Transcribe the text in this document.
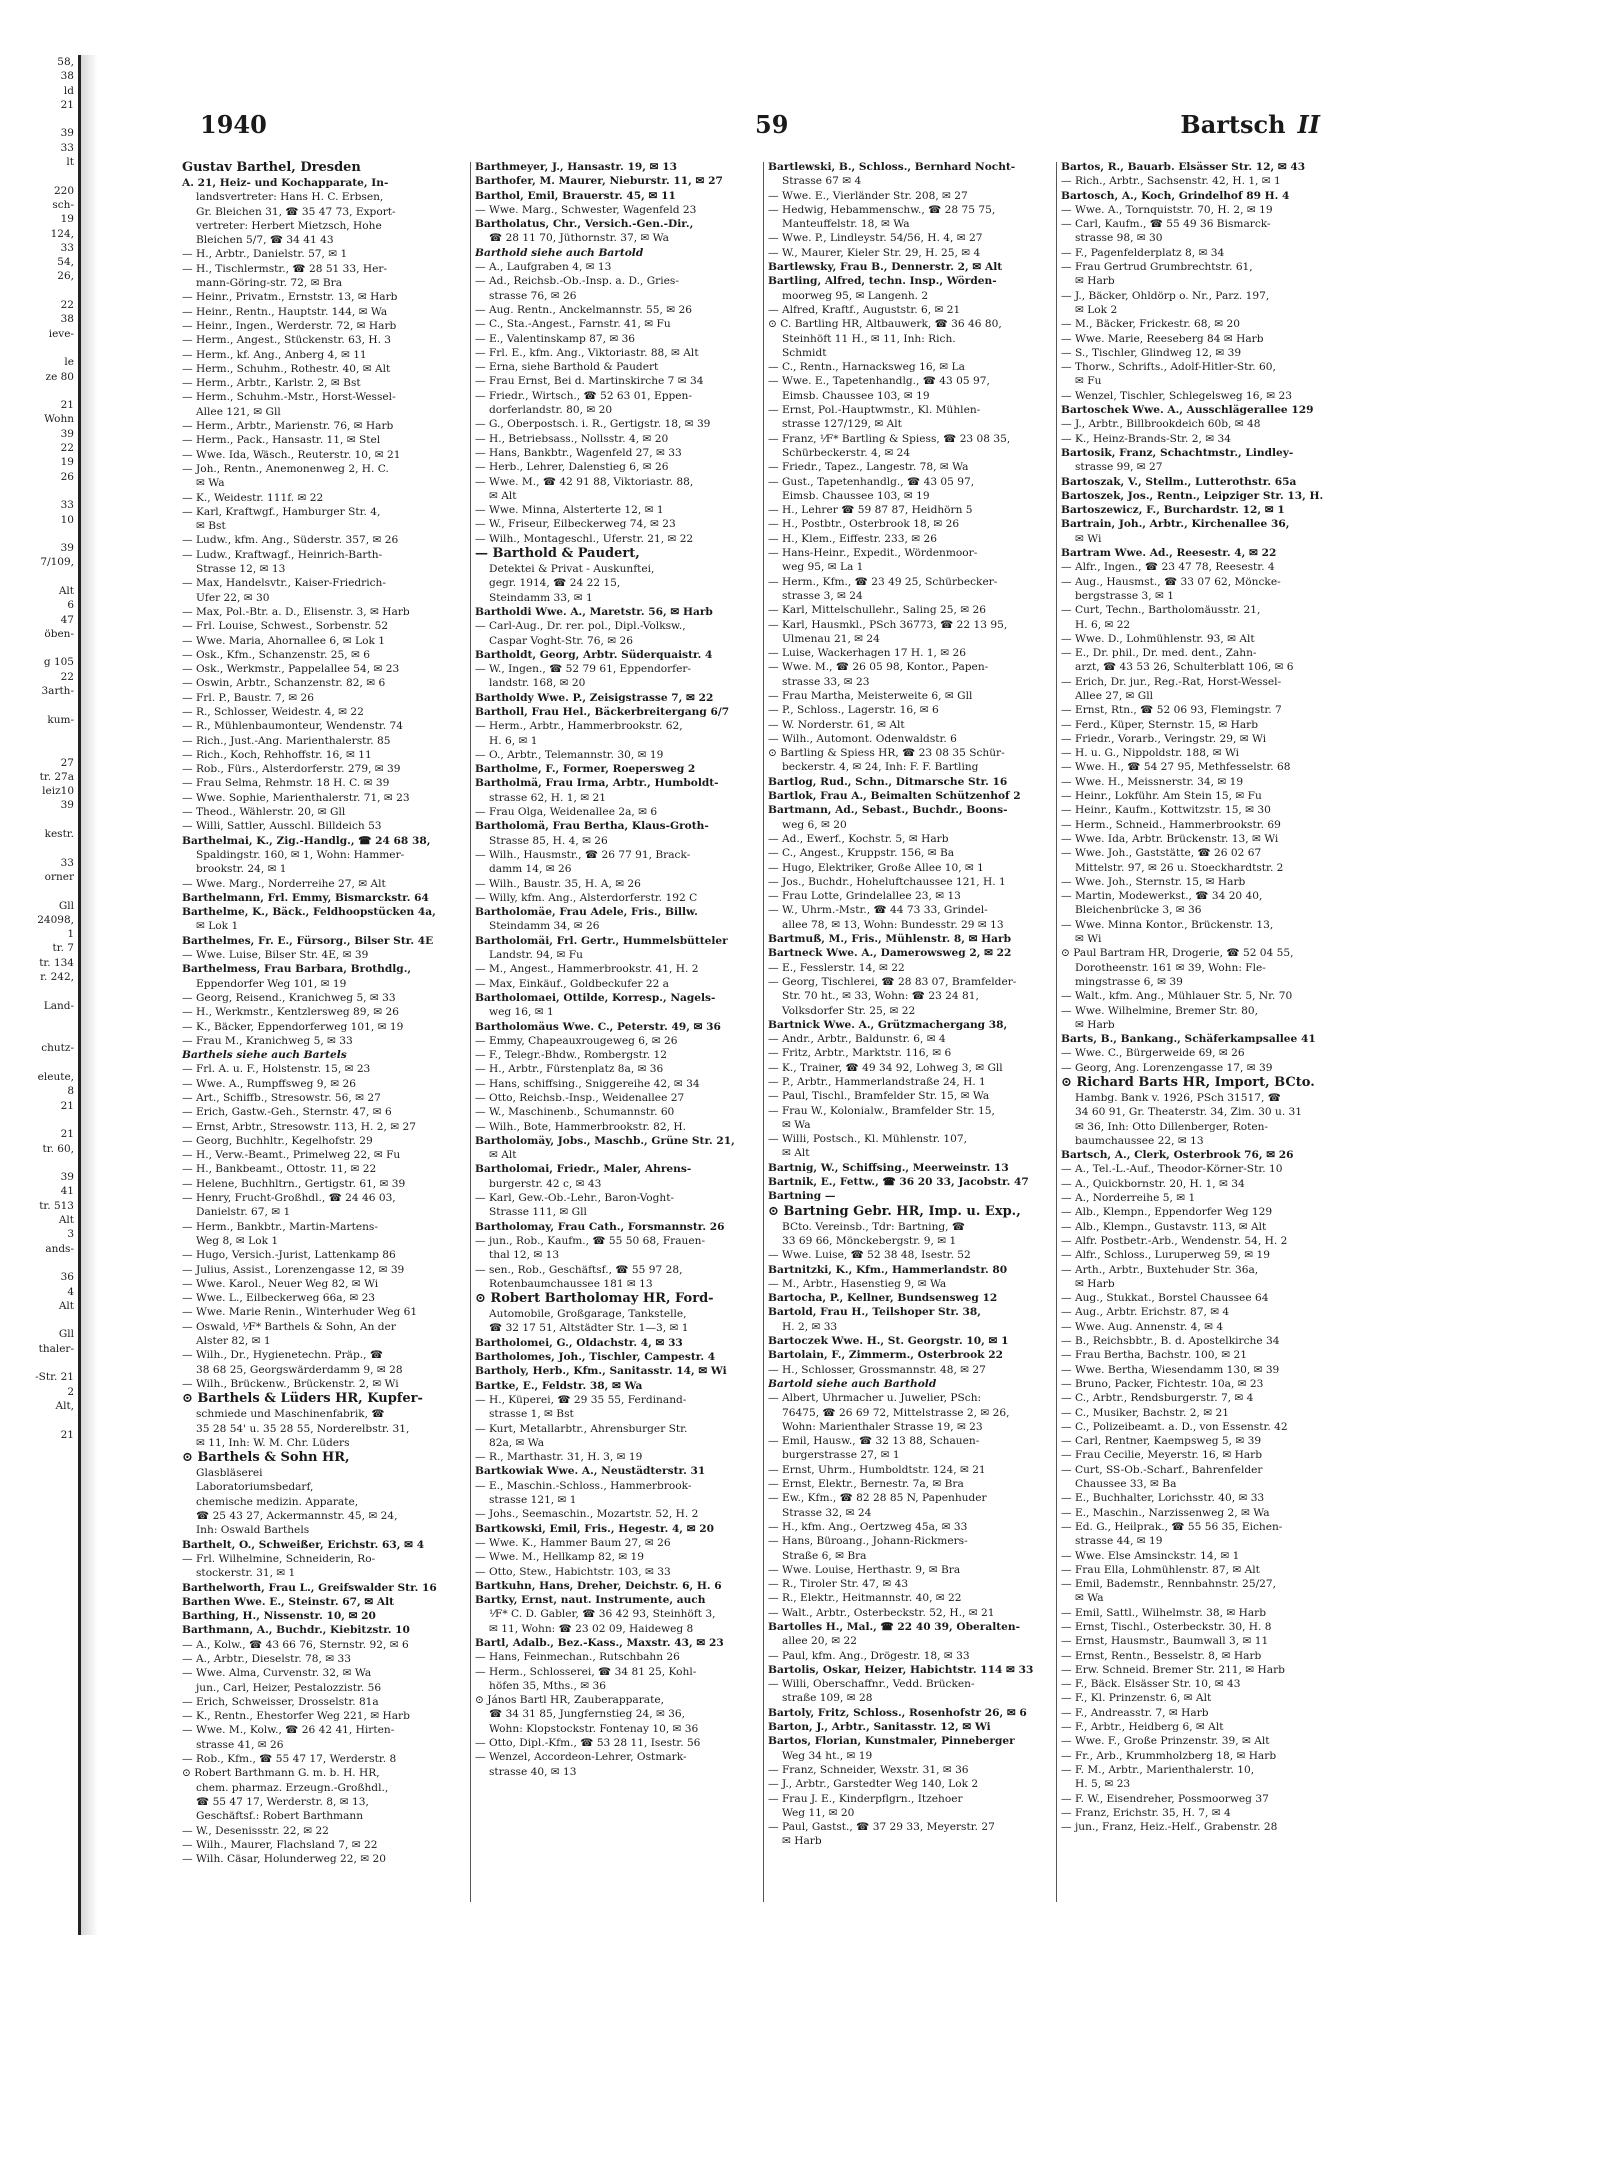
58,
38
ld
21
39
33
lt
220
sch-
19
124,
33
54,
26,
22
38
ieve-
le
ze 80
21
Wohn
39
22
19
26
33
10
39
7/109,
Alt
6
47
öben-
g 105
22
3arth-
kum-
27
tr. 27a
leiz10
39
kestr.
33
orner
Gll
24098,
1
tr. 7
tr. 134
r. 242,
Land-
chutz-
eleute,
8
21
21
tr. 60,
39
41
tr. 513
Alt
3
ands-
36
4
Alt
Gll
thaler-
-Str. 21
2
Alt,
21
1940	59	Bartsch II
Gustav Barthel, Dresden
A. 21, Heiz- und Kochapparate, In-
landsvertreter: Hans H. C. Erbsen,
Gr. Bleichen 31, ☎ 35 47 73, Export-
vertreter: Herbert Mietzsch, Hohe
Bleichen 5/7, ☎ 34 41 43
— H., Arbtr., Danielstr. 57, ✉ 1
— H., Tischlermstr., ☎ 28 51 33, Her-
mann-Göring-str. 72, ✉ Bra
— Heinr., Privatm., Ernststr. 13, ✉ Harb
— Heinr., Rentn., Hauptstr. 144, ✉ Wa
— Heinr., Ingen., Werderstr. 72, ✉ Harb
— Herm., Angest., Stückenstr. 63, H. 3
— Herm., kf. Ang., Anberg 4, ✉ 11
— Herm., Schuhm., Rothestr. 40, ✉ Alt
— Herm., Arbtr., Karlstr. 2, ✉ Bst
— Herm., Schuhm.-Mstr., Horst-Wessel-
Allee 121, ✉ Gll
— Herm., Arbtr., Marienstr. 76, ✉ Harb
— Herm., Pack., Hansastr. 11, ✉ Stel
— Wwe. Ida, Wäsch., Reuterstr. 10, ✉ 21
— Joh., Rentn., Anemonenweg 2, H. C.
✉ Wa
— K., Weidestr. 111f. ✉ 22
— Karl, Kraftwgf., Hamburger Str. 4,
✉ Bst
— Ludw., kfm. Ang., Süderstr. 357, ✉ 26
— Ludw., Kraftwagf., Heinrich-Barth-
Strasse 12, ✉ 13
— Max, Handelsvtr., Kaiser-Friedrich-
Ufer 22, ✉ 30
— Max, Pol.-Btr. a. D., Elisenstr. 3, ✉ Harb
— Frl. Louise, Schwest., Sorbenstr. 52
— Wwe. Maria, Ahornallee 6, ✉ Lok 1
— Osk., Kfm., Schanzenstr. 25, ✉ 6
— Osk., Werkmstr., Pappelallee 54, ✉ 23
— Oswin, Arbtr., Schanzenstr. 82, ✉ 6
— Frl. P., Baustr. 7, ✉ 26
— R., Schlosser, Weidestr. 4, ✉ 22
— R., Mühlenbaumonteur, Wendenstr. 74
— Rich., Just.-Ang. Marienthalerstr. 85
— Rich., Koch, Rehhoffstr. 16, ✉ 11
— Rob., Fürs., Alsterdorferstr. 279, ✉ 39
— Frau Selma, Rehmstr. 18 H. C. ✉ 39
— Wwe. Sophie, Marienthalerstr. 71, ✉ 23
— Theod., Wählerstr. 20, ✉ Gll
— Willi, Sattler, Ausschl. Billdeich 53
Barthelmai, K., Zig.-Handlg., ☎ 24 68 38,
Spaldingstr. 160, ✉ 1, Wohn: Hammer-
brookstr. 24, ✉ 1
— Wwe. Marg., Norderreihe 27, ✉ Alt
Barthelmann, Frl. Emmy, Bismarckstr. 64
Barthelme, K., Bäck., Feldhoopstücken 4a,
✉ Lok 1
Barthelmes, Fr. E., Fürsorg., Bilser Str. 4E
— Wwe. Luise, Bilser Str. 4E, ✉ 39
Barthelmess, Frau Barbara, Brothdlg.,
Eppendorfer Weg 101, ✉ 19
— Georg, Reisend., Kranichweg 5, ✉ 33
— H., Werkmstr., Kentzlersweg 89, ✉ 26
— K., Bäcker, Eppendorferweg 101, ✉ 19
— Frau M., Kranichweg 5, ✉ 33
Barthels siehe auch Bartels
— Frl. A. u. F., Holstenstr. 15, ✉ 23
— Wwe. A., Rumpffsweg 9, ✉ 26
— Art., Schiffb., Stresowstr. 56, ✉ 27
— Erich, Gastw.-Geh., Sternstr. 47, ✉ 6
— Ernst, Arbtr., Stresowstr. 113, H. 2, ✉ 27
— Georg, Buchhltr., Kegelhofstr. 29
— H., Verw.-Beamt., Primelweg 22, ✉ Fu
— H., Bankbeamt., Ottostr. 11, ✉ 22
— Helene, Buchhltrn., Gertigstr. 61, ✉ 39
— Henry, Frucht-Großhdl., ☎ 24 46 03,
Danielstr. 67, ✉ 1
— Herm., Bankbtr., Martin-Martens-
Weg 8, ✉ Lok 1
— Hugo, Versich.-Jurist, Lattenkamp 86
— Julius, Assist., Lorenzengasse 12, ✉ 39
— Wwe. Karol., Neuer Weg 82, ✉ Wi
— Wwe. L., Eilbeckerweg 66a, ✉ 23
— Wwe. Marie Renin., Winterhuder Weg 61
— Oswald, ⅟F* Barthels & Sohn, An der
Alster 82, ✉ 1
— Wilh., Dr., Hygienetechn. Präp., ☎
38 68 25, Georgswärderdamm 9, ✉ 28
— Wilh., Brückenw., Brückenstr. 2, ✉ Wi
⊙ Barthels & Lüders HR, Kupfer-
schmiede und Maschinenfabrik, ☎
35 28 54' u. 35 28 55, Norderelbstr. 31,
✉ 11, Inh: W. M. Chr. Lüders
⊙ Barthels & Sohn HR,
Glasbläserei
Laboratoriumsbedarf,
chemische medizin. Apparate,
☎ 25 43 27, Ackermannstr. 45, ✉ 24,
Inh: Oswald Barthels
Barthelt, O., Schweißer, Erichstr. 63, ✉ 4
— Frl. Wilhelmine, Schneiderin, Ro-
stockerstr. 31, ✉ 1
Barthelworth, Frau L., Greifswalder Str. 16
Barthen Wwe. E., Steinstr. 67, ✉ Alt
Barthing, H., Nissenstr. 10, ✉ 20
Barthmann, A., Buchdr., Kiebitzstr. 10
— A., Kolw., ☎ 43 66 76, Sternstr. 92, ✉ 6
— A., Arbtr., Dieselstr. 78, ✉ 33
— Wwe. Alma, Curvenstr. 32, ✉ Wa
jun., Carl, Heizer, Pestalozzistr. 56
— Erich, Schweisser, Drosselstr. 81a
— K., Rentn., Ehestorfer Weg 221, ✉ Harb
— Wwe. M., Kolw., ☎ 26 42 41, Hirten-
strasse 41, ✉ 26
— Rob., Kfm., ☎ 55 47 17, Werderstr. 8
⊙ Robert Barthmann G. m. b. H. HR,
chem. pharmaz. Erzeugn.-Großhdl.,
☎ 55 47 17, Werderstr. 8, ✉ 13,
Geschäftsf.: Robert Barthmann
— W., Desenissstr. 22, ✉ 22
— Wilh., Maurer, Flachsland 7, ✉ 22
— Wilh. Cäsar, Holunderweg 22, ✉ 20
Barthmeyer, J., Hansastr. 19, ✉ 13
Barthofer, M. Maurer, Nieburstr. 11, ✉ 27
Barthol, Emil, Brauerstr. 45, ✉ 11
— Wwe. Marg., Schwester, Wagenfeld 23
Bartholatus, Chr., Versich.-Gen.-Dir.,
☎ 28 11 70, Jüthornstr. 37, ✉ Wa
Barthold siehe auch Bartold
— A., Laufgraben 4, ✉ 13
— Ad., Reichsb.-Ob.-Insp. a. D., Gries-
strasse 76, ✉ 26
— Aug. Rentn., Anckelmannstr. 55, ✉ 26
— C., Sta.-Angest., Farnstr. 41, ✉ Fu
— E., Valentinskamp 87, ✉ 36
— Frl. E., kfm. Ang., Viktoriastr. 88, ✉ Alt
— Erna, siehe Barthold & Paudert
— Frau Ernst, Bei d. Martinskirche 7 ✉ 34
— Friedr., Wirtsch., ☎ 52 63 01, Eppen-
dorferlandstr. 80, ✉ 20
— G., Oberpostsch. i. R., Gertigstr. 18, ✉ 39
— H., Betriebsass., Nollsstr. 4, ✉ 20
— Hans, Bankbtr., Wagenfeld 27, ✉ 33
— Herb., Lehrer, Dalenstieg 6, ✉ 26
— Wwe. M., ☎ 42 91 88, Viktoriastr. 88,
✉ Alt
— Wwe. Minna, Alsterterte 12, ✉ 1
— W., Friseur, Eilbeckerweg 74, ✉ 23
— Wilh., Montageschl., Uferstr. 21, ✉ 22
— Barthold & Paudert,
Detektei & Privat - Auskunftei,
gegr. 1914, ☎ 24 22 15,
Steindamm 33, ✉ 1
Bartholdi Wwe. A., Maretstr. 56, ✉ Harb
— Carl-Aug., Dr. rer. pol., Dipl.-Volksw.,
Caspar Voght-Str. 76, ✉ 26
Bartholdt, Georg, Arbtr. Süderquaistr. 4
— W., Ingen., ☎ 52 79 61, Eppendorfer-
landstr. 168, ✉ 20
Bartholdy Wwe. P., Zeisigstrasse 7, ✉ 22
Bartholl, Frau Hel., Bäckerbreitergang 6/7
— Herm., Arbtr., Hammerbrookstr. 62,
H. 6, ✉ 1
— O., Arbtr., Telemannstr. 30, ✉ 19
Bartholme, F., Former, Roepersweg 2
Bartholmä, Frau Irma, Arbtr., Humboldt-
strasse 62, H. 1, ✉ 21
— Frau Olga, Weidenallee 2a, ✉ 6
Bartholomä, Frau Bertha, Klaus-Groth-
Strasse 85, H. 4, ✉ 26
— Wilh., Hausmstr., ☎ 26 77 91, Brack-
damm 14, ✉ 26
— Wilh., Baustr. 35, H. A, ✉ 26
— Willy, kfm. Ang., Alsterdorferstr. 192 C
Bartholomäe, Frau Adele, Fris., Billw.
Steindamm 34, ✉ 26
Bartholomäi, Frl. Gertr., Hummelsbütteler
Landstr. 94, ✉ Fu
— M., Angest., Hammerbrookstr. 41, H. 2
— Max, Einkäuf., Goldbeckufer 22 a
Bartholomaei, Ottilde, Korresp., Nagels-
weg 16, ✉ 1
Bartholomäus Wwe. C., Peterstr. 49, ✉ 36
— Emmy, Chapeauxrougeweg 6, ✉ 26
— F., Telegr.-Bhdw., Rombergstr. 12
— H., Arbtr., Fürstenplatz 8a, ✉ 36
— Hans, schiffsing., Sniggereihe 42, ✉ 34
— Otto, Reichsb.-Insp., Weidenallee 27
— W., Maschinenb., Schumannstr. 60
— Wilh., Bote, Hammerbrookstr. 82, H.
Bartholomäy, Jobs., Maschb., Grüne Str. 21,
✉ Alt
Bartholomai, Friedr., Maler, Ahrens-
burgerstr. 42 c, ✉ 43
— Karl, Gew.-Ob.-Lehr., Baron-Voght-
Strasse 111, ✉ Gll
Bartholomay, Frau Cath., Forsmannstr. 26
— jun., Rob., Kaufm., ☎ 55 50 68, Frauen-
thal 12, ✉ 13
— sen., Rob., Geschäftsf., ☎ 55 97 28,
Rotenbaumchaussee 181 ✉ 13
⊙ Robert Bartholomay HR, Ford-
Automobile, Großgarage, Tankstelle,
☎ 32 17 51, Altstädter Str. 1—3, ✉ 1
Bartholomei, G., Oldachstr. 4, ✉ 33
Bartholomes, Joh., Tischler, Campestr. 4
Bartholy, Herb., Kfm., Sanitasstr. 14, ✉ Wi
Bartke, E., Feldstr. 38, ✉ Wa
— H., Küperei, ☎ 29 35 55, Ferdinand-
strasse 1, ✉ Bst
— Kurt, Metallarbtr., Ahrensburger Str.
82a, ✉ Wa
— R., Marthastr. 31, H. 3, ✉ 19
Bartkowiak Wwe. A., Neustädterstr. 31
— E., Maschin.-Schloss., Hammerbrook-
strasse 121, ✉ 1
— Johs., Seemaschin., Mozartstr. 52, H. 2
Bartkowski, Emil, Fris., Hegestr. 4, ✉ 20
— Wwe. K., Hammer Baum 27, ✉ 26
— Wwe. M., Hellkamp 82, ✉ 19
— Otto, Stew., Habichtstr. 103, ✉ 33
Bartkuhn, Hans, Dreher, Deichstr. 6, H. 6
Bartky, Ernst, naut. Instrumente, auch
⅟F* C. D. Gabler, ☎ 36 42 93, Steinhöft 3,
✉ 11, Wohn: ☎ 23 02 09, Haideweg 8
Bartl, Adalb., Bez.-Kass., Maxstr. 43, ✉ 23
— Hans, Feinmechan., Rutschbahn 26
— Herm., Schlosserei, ☎ 34 81 25, Kohl-
höfen 35, Mths., ✉ 36
⊙ János Bartl HR, Zauberapparate,
☎ 34 31 85, Jungfernstieg 24, ✉ 36,
Wohn: Klopstockstr. Fontenay 10, ✉ 36
— Otto, Dipl.-Kfm., ☎ 53 28 11, Isestr. 56
— Wenzel, Accordeon-Lehrer, Ostmark-
strasse 40, ✉ 13
Bartlewski, B., Schloss., Bernhard Nocht-
Strasse 67 ✉ 4
— Wwe. E., Vierländer Str. 208, ✉ 27
— Hedwig, Hebammenschw., ☎ 28 75 75,
Manteuffelstr. 18, ✉ Wa
— Wwe. P., Lindleystr. 54/56, H. 4, ✉ 27
— W., Maurer, Kieler Str. 29, H. 25, ✉ 4
Bartlewsky, Frau B., Dennerstr. 2, ✉ Alt
Bartling, Alfred, techn. Insp., Wörden-
moorweg 95, ✉ Langenh. 2
— Alfred, Kraftf., Auguststr. 6, ✉ 21
⊙ C. Bartling HR, Altbauwerk, ☎ 36 46 80,
Steinhöft 11 H., ✉ 11, Inh: Rich.
Schmidt
— C., Rentn., Harnacksweg 16, ✉ La
— Wwe. E., Tapetenhandlg., ☎ 43 05 97,
Eimsb. Chaussee 103, ✉ 19
— Ernst, Pol.-Hauptwmstr., Kl. Mühlen-
strasse 127/129, ✉ Alt
— Franz, ⅟F* Bartling & Spiess, ☎ 23 08 35,
Schürbeckerstr. 4, ✉ 24
— Friedr., Tapez., Langestr. 78, ✉ Wa
— Gust., Tapetenhandlg., ☎ 43 05 97,
Eimsb. Chaussee 103, ✉ 19
— H., Lehrer ☎ 59 87 87, Heidhörn 5
— H., Postbtr., Osterbrook 18, ✉ 26
— H., Klem., Eiffestr. 233, ✉ 26
— Hans-Heinr., Expedit., Wördenmoor-
weg 95, ✉ La 1
— Herm., Kfm., ☎ 23 49 25, Schürbecker-
strasse 3, ✉ 24
— Karl, Mittelschullehr., Saling 25, ✉ 26
— Karl, Hausmkl., PSch 36773, ☎ 22 13 95,
Ulmenau 21, ✉ 24
— Luise, Wackerhagen 17 H. 1, ✉ 26
— Wwe. M., ☎ 26 05 98, Kontor., Papen-
strasse 33, ✉ 23
— Frau Martha, Meisterweite 6, ✉ Gll
— P., Schloss., Lagerstr. 16, ✉ 6
— W. Norderstr. 61, ✉ Alt
— Wilh., Automont. Odenwaldstr. 6
⊙ Bartling & Spiess HR, ☎ 23 08 35 Schür-
beckerstr. 4, ✉ 24, Inh: F. F. Bartling
Bartlog, Rud., Schn., Ditmarsche Str. 16
Bartlok, Frau A., Beimalten Schützenhof 2
Bartmann, Ad., Sebast., Buchdr., Boons-
weg 6, ✉ 20
— Ad., Ewerf., Kochstr. 5, ✉ Harb
— C., Angest., Kruppstr. 156, ✉ Ba
— Hugo, Elektriker, Große Allee 10, ✉ 1
— Jos., Buchdr., Hoheluftchaussee 121, H. 1
— Frau Lotte, Grindelallee 23, ✉ 13
— W., Uhrm.-Mstr., ☎ 44 73 33, Grindel-
allee 78, ✉ 13, Wohn: Bundesstr. 29 ✉ 13
Bartmuß, M., Fris., Mühlenstr. 8, ✉ Harb
Bartneck Wwe. A., Damerowsweg 2, ✉ 22
— E., Fesslerstr. 14, ✉ 22
— Georg, Tischlerei, ☎ 28 83 07, Bramfelder-
Str. 70 ht., ✉ 33, Wohn: ☎ 23 24 81,
Volksdorfer Str. 25, ✉ 22
Bartnick Wwe. A., Grützmachergang 38,
— Andr., Arbtr., Baldunstr. 6, ✉ 4
— Fritz, Arbtr., Marktstr. 116, ✉ 6
— K., Trainer, ☎ 49 34 92, Lohweg 3, ✉ Gll
— P., Arbtr., Hammerlandstraße 24, H. 1
— Paul, Tischl., Bramfelder Str. 15, ✉ Wa
— Frau W., Kolonialw., Bramfelder Str. 15,
✉ Wa
— Willi, Postsch., Kl. Mühlenstr. 107,
✉ Alt
Bartnig, W., Schiffsing., Meerweinstr. 13
Bartnik, E., Fettw., ☎ 36 20 33, Jacobstr. 47
Bartning —
⊙ Bartning Gebr. HR, Imp. u. Exp.,
BCto. Vereinsb., Tdr: Bartning, ☎
33 69 66, Mönckebergstr. 9, ✉ 1
— Wwe. Luise, ☎ 52 38 48, Isestr. 52
Bartnitzki, K., Kfm., Hammerlandstr. 80
— M., Arbtr., Hasenstieg 9, ✉ Wa
Bartocha, P., Kellner, Bundsensweg 12
Bartold, Frau H., Teilshoper Str. 38,
H. 2, ✉ 33
Bartoczek Wwe. H., St. Georgstr. 10, ✉ 1
Bartolain, F., Zimmerm., Osterbrook 22
— H., Schlosser, Grossmannstr. 48, ✉ 27
Bartold siehe auch Barthold
— Albert, Uhrmacher u. Juwelier, PSch:
76475, ☎ 26 69 72, Mittelstrasse 2, ✉ 26,
Wohn: Marienthaler Strasse 19, ✉ 23
— Emil, Hausw., ☎ 32 13 88, Schauen-
burgerstrasse 27, ✉ 1
— Ernst, Uhrm., Humboldtstr. 124, ✉ 21
— Ernst, Elektr., Bernestr. 7a, ✉ Bra
— Ew., Kfm., ☎ 82 28 85 N, Papenhuder
Strasse 32, ✉ 24
— H., kfm. Ang., Oertzweg 45a, ✉ 33
— Hans, Büroang., Johann-Rickmers-
Straße 6, ✉ Bra
— Wwe. Louise, Herthastr. 9, ✉ Bra
— R., Tiroler Str. 47, ✉ 43
— R., Elektr., Heitmannstr. 40, ✉ 22
— Walt., Arbtr., Osterbeckstr. 52, H., ✉ 21
Bartolles H., Mal., ☎ 22 40 39, Oberalten-
allee 20, ✉ 22
— Paul, kfm. Ang., Drögestr. 18, ✉ 33
Bartolis, Oskar, Heizer, Habichtstr. 114 ✉ 33
— Willi, Oberschaffnr., Vedd. Brücken-
straße 109, ✉ 28
Bartoly, Fritz, Schloss., Rosenhofstr 26, ✉ 6
Barton, J., Arbtr., Sanitasstr. 12, ✉ Wi
Bartos, Florian, Kunstmaler, Pinneberger
Weg 34 ht., ✉ 19
— Franz, Schneider, Wexstr. 31, ✉ 36
— J., Arbtr., Garstedter Weg 140, Lok 2
— Frau J. E., Kinderpflgrn., Itzehoer
Weg 11, ✉ 20
— Paul, Gastst., ☎ 37 29 33, Meyerstr. 27
✉ Harb
Bartos, R., Bauarb. Elsässer Str. 12, ✉ 43
— Rich., Arbtr., Sachsenstr. 42, H. 1, ✉ 1
Bartosch, A., Koch, Grindelhof 89 H. 4
— Wwe. A., Tornquiststr. 70, H. 2, ✉ 19
— Carl, Kaufm., ☎ 55 49 36 Bismarck-
strasse 98, ✉ 30
— F., Pagenfelderplatz 8, ✉ 34
— Frau Gertrud Grumbrechtstr. 61,
✉ Harb
— J., Bäcker, Ohldörp o. Nr., Parz. 197,
✉ Lok 2
— M., Bäcker, Frickestr. 68, ✉ 20
— Wwe. Marie, Reeseberg 84 ✉ Harb
— S., Tischler, Glindweg 12, ✉ 39
— Thorw., Schrifts., Adolf-Hitler-Str. 60,
✉ Fu
— Wenzel, Tischler, Schlegelsweg 16, ✉ 23
Bartoschek Wwe. A., Ausschlägerallee 129
— J., Arbtr., Billbrookdeich 60b, ✉ 48
— K., Heinz-Brands-Str. 2, ✉ 34
Bartosik, Franz, Schachtmstr., Lindley-
strasse 99, ✉ 27
Bartoszak, V., Stellm., Lutterothstr. 65a
Bartoszek, Jos., Rentn., Leipziger Str. 13, H.
Bartoszewicz, F., Burchardstr. 12, ✉ 1
Bartrain, Joh., Arbtr., Kirchenallee 36,
✉ Wi
Bartram Wwe. Ad., Reesestr. 4, ✉ 22
— Alfr., Ingen., ☎ 23 47 78, Reesestr. 4
— Aug., Hausmst., ☎ 33 07 62, Möncke-
bergstrasse 3, ✉ 1
— Curt, Techn., Bartholomäusstr. 21,
H. 6, ✉ 22
— Wwe. D., Lohmühlenstr. 93, ✉ Alt
— E., Dr. phil., Dr. med. dent., Zahn-
arzt, ☎ 43 53 26, Schulterblatt 106, ✉ 6
— Erich, Dr. jur., Reg.-Rat, Horst-Wessel-
Allee 27, ✉ Gll
— Ernst, Rtn., ☎ 52 06 93, Flemingstr. 7
— Ferd., Küper, Sternstr. 15, ✉ Harb
— Friedr., Vorarb., Veringstr. 29, ✉ Wi
— H. u. G., Nippoldstr. 188, ✉ Wi
— Wwe. H., ☎ 54 27 95, Methfesselstr. 68
— Wwe. H., Meissnerstr. 34, ✉ 19
— Heinr., Lokführ. Am Stein 15, ✉ Fu
— Heinr., Kaufm., Kottwitzstr. 15, ✉ 30
— Herm., Schneid., Hammerbrookstr. 69
— Wwe. Ida, Arbtr. Brückenstr. 13, ✉ Wi
— Wwe. Joh., Gaststätte, ☎ 26 02 67
Mittelstr. 97, ✉ 26 u. Stoeckhardtstr. 2
— Wwe. Joh., Sternstr. 15, ✉ Harb
— Martin, Modewerkst., ☎ 34 20 40,
Bleichenbrücke 3, ✉ 36
— Wwe. Minna Kontor., Brückenstr. 13,
✉ Wi
⊙ Paul Bartram HR, Drogerie, ☎ 52 04 55,
Dorotheenstr. 161 ✉ 39, Wohn: Fle-
mingstrasse 6, ✉ 39
— Walt., kfm. Ang., Mühlauer Str. 5, Nr. 70
— Wwe. Wilhelmine, Bremer Str. 80,
✉ Harb
Barts, B., Bankang., Schäferkampsallee 41
— Wwe. C., Bürgerweide 69, ✉ 26
— Georg, Ang. Lorenzengasse 17, ✉ 39
⊙ Richard Barts HR, Import, BCto.
Hambg. Bank v. 1926, PSch 31517, ☎
34 60 91, Gr. Theaterstr. 34, Zim. 30 u. 31
✉ 36, Inh: Otto Dillenberger, Roten-
baumchaussee 22, ✉ 13
Bartsch, A., Clerk, Osterbrook 76, ✉ 26
— A., Tel.-L.-Auf., Theodor-Körner-Str. 10
— A., Quickbornstr. 20, H. 1, ✉ 34
— A., Norderreihe 5, ✉ 1
— Alb., Klempn., Eppendorfer Weg 129
— Alb., Klempn., Gustavstr. 113, ✉ Alt
— Alfr. Postbetr.-Arb., Wendenstr. 54, H. 2
— Alfr., Schloss., Luruperweg 59, ✉ 19
— Arth., Arbtr., Buxtehuder Str. 36a,
✉ Harb
— Aug., Stukkat., Borstel Chaussee 64
— Aug., Arbtr. Erichstr. 87, ✉ 4
— Wwe. Aug. Annenstr. 4, ✉ 4
— B., Reichsbbtr., B. d. Apostelkirche 34
— Frau Bertha, Bachstr. 100, ✉ 21
— Wwe. Bertha, Wiesendamm 130, ✉ 39
— Bruno, Packer, Fichtestr. 10a, ✉ 23
— C., Arbtr., Rendsburgerstr. 7, ✉ 4
— C., Musiker, Bachstr. 2, ✉ 21
— C., Polizeibeamt. a. D., von Essenstr. 42
— Carl, Rentner, Kaempsweg 5, ✉ 39
— Frau Cecilie, Meyerstr. 16, ✉ Harb
— Curt, SS-Ob.-Scharf., Bahrenfelder
Chaussee 33, ✉ Ba
— E., Buchhalter, Lorichsstr. 40, ✉ 33
— E., Maschin., Narzissenweg 2, ✉ Wa
— Ed. G., Heilprak., ☎ 55 56 35, Eichen-
strasse 44, ✉ 19
— Wwe. Else Amsinckstr. 14, ✉ 1
— Frau Ella, Lohmühlenstr. 87, ✉ Alt
— Emil, Bademstr., Rennbahnstr. 25/27,
✉ Wa
— Emil, Sattl., Wilhelmstr. 38, ✉ Harb
— Ernst, Tischl., Osterbeckstr. 30, H. 8
— Ernst, Hausmstr., Baumwall 3, ✉ 11
— Ernst, Rentn., Besselstr. 8, ✉ Harb
— Erw. Schneid. Bremer Str. 211, ✉ Harb
— F., Bäck. Elsässer Str. 10, ✉ 43
— F., Kl. Prinzenstr. 6, ✉ Alt
— F., Andreasstr. 7, ✉ Harb
— F., Arbtr., Heidberg 6, ✉ Alt
— Wwe. F., Große Prinzenstr. 39, ✉ Alt
— Fr., Arb., Krummholzberg 18, ✉ Harb
— F. M., Arbtr., Marienthalerstr. 10,
H. 5, ✉ 23
— F. W., Eisendreher, Possmoorweg 37
— Franz, Erichstr. 35, H. 7, ✉ 4
— jun., Franz, Heiz.-Helf., Grabenstr. 28
